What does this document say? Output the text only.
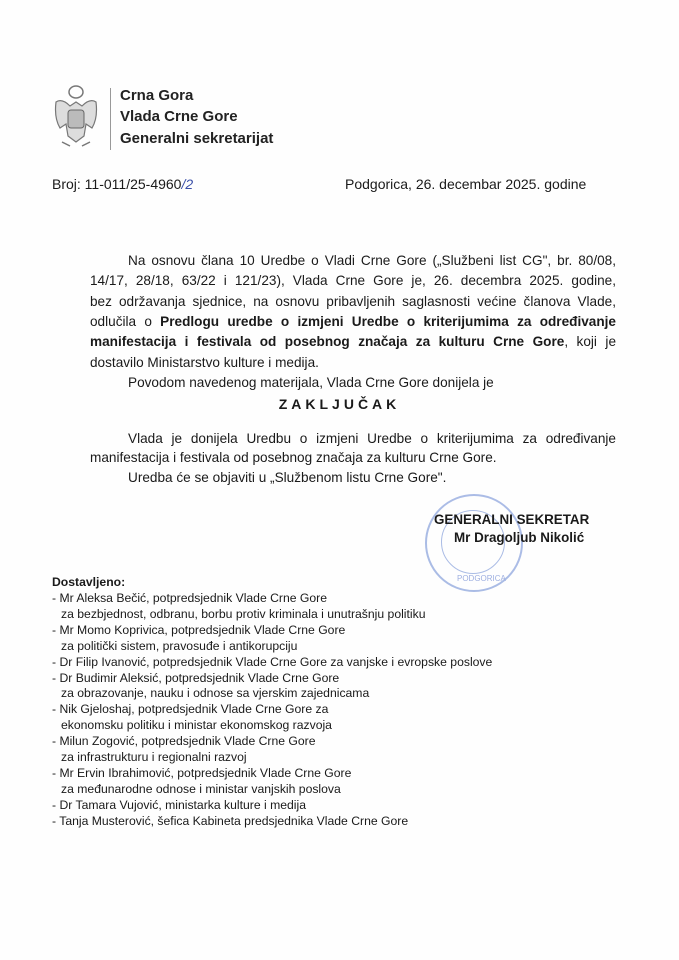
Crna Gora
Vlada Crne Gore
Generalni sekretarijat
Broj: 11-011/25-4960/2	Podgorica, 26. decembar 2025. godine
Na osnovu člana 10 Uredbe o Vladi Crne Gore („Službeni list CG", br. 80/08,
14/17, 28/18, 63/22 i 121/23), Vlada Crne Gore je, 26. decembra 2025. godine,
bez održavanja sjednice, na osnovu pribavljenih saglasnosti većine članova Vlade,
odlučila o Predlogu uredbe o izmjeni Uredbe o kriterijumima za određivanje
manifestacija i festivala od posebnog značaja za kulturu Crne Gore, koji je
dostavilo Ministarstvo kulture i medija.
Povodom navedenog materijala, Vlada Crne Gore donijela je
ZAKLJUČAK
Vlada je donijela Uredbu o izmjeni Uredbe o kriterijumima za određivanje
manifestacija i festivala od posebnog značaja za kulturu Crne Gore.
Uredba će se objaviti u „Službenom listu Crne Gore".
PODGORICA
GENERALNI SEKRETAR
Mr Dragoljub Nikolić
Dostavljeno:
- Mr Aleksa Bečić, potpredsjednik Vlade Crne Gore
za bezbjednost, odbranu, borbu protiv kriminala i unutrašnju politiku
- Mr Momo Koprivica, potpredsjednik Vlade Crne Gore
za politički sistem, pravosuđe i antikorupciju
- Dr Filip Ivanović, potpredsjednik Vlade Crne Gore za vanjske i evropske poslove
- Dr Budimir Aleksić, potpredsjednik Vlade Crne Gore
za obrazovanje, nauku i odnose sa vjerskim zajednicama
- Nik Gjeloshaj, potpredsjednik Vlade Crne Gore za
ekonomsku politiku i ministar ekonomskog razvoja
- Milun Zogović, potpredsjednik Vlade Crne Gore
za infrastrukturu i regionalni razvoj
- Mr Ervin Ibrahimović, potpredsjednik Vlade Crne Gore
za međunarodne odnose i ministar vanjskih poslova
- Dr Tamara Vujović, ministarka kulture i medija
- Tanja Musterović, šefica Kabineta predsjednika Vlade Crne Gore
